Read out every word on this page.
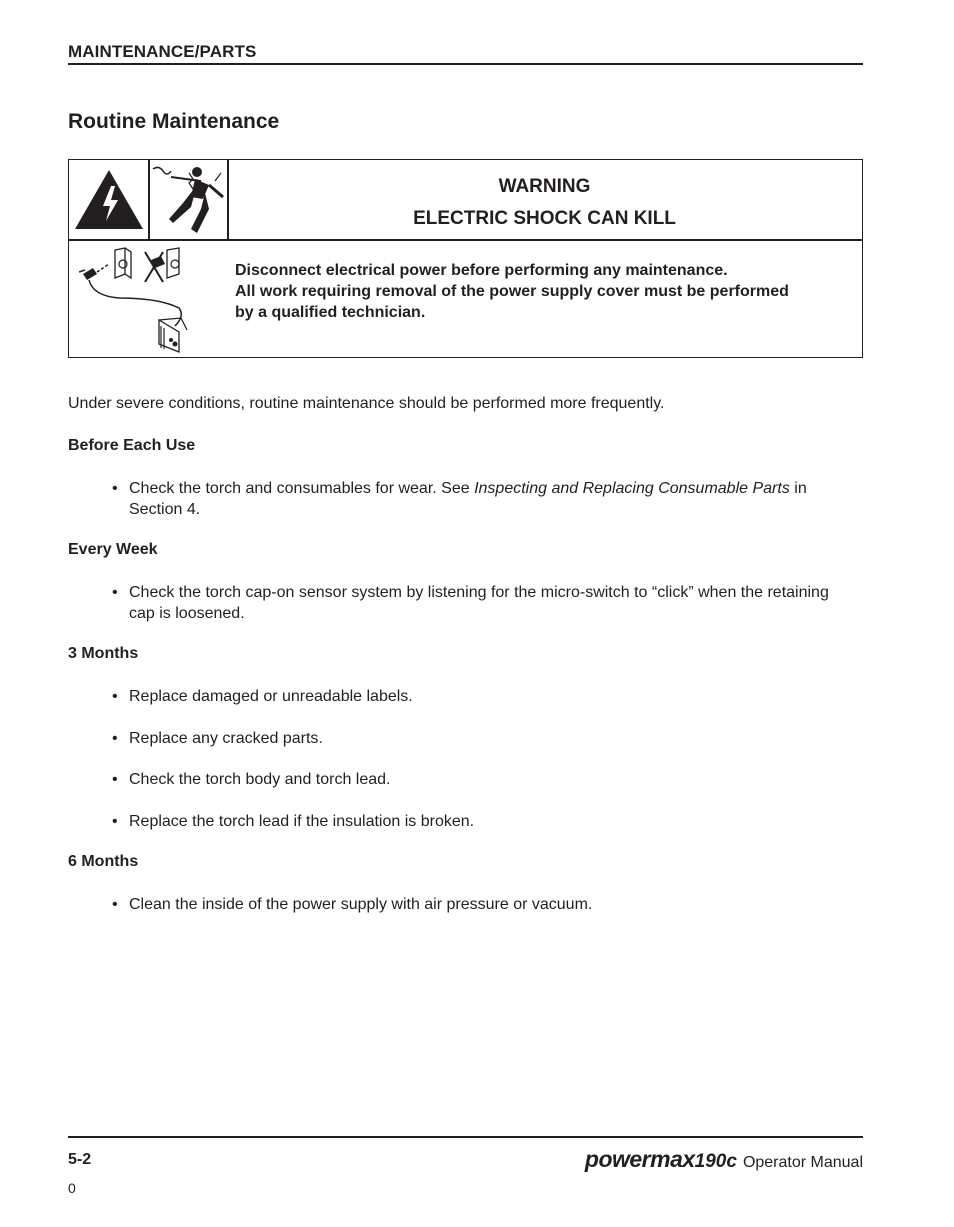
MAINTENANCE/PARTS
Routine Maintenance
WARNING
ELECTRIC SHOCK CAN KILL
Disconnect electrical power before performing any maintenance.
All work requiring removal of the power supply cover must be performed
by a qualified technician.
Under severe conditions, routine maintenance should be performed more frequently.
Before Each Use
• Check the torch and consumables for wear. See Inspecting and Replacing Consumable Parts in Section 4.
Every Week
• Check the torch cap-on sensor system by listening for the micro-switch to “click” when the retaining cap is loosened.
3 Months
• Replace damaged or unreadable labels.
• Replace any cracked parts.
• Check the torch body and torch lead.
• Replace the torch lead if the insulation is broken.
6 Months
• Clean the inside of the power supply with air pressure or vacuum.
5-2	powermax 190c Operator Manual
0
